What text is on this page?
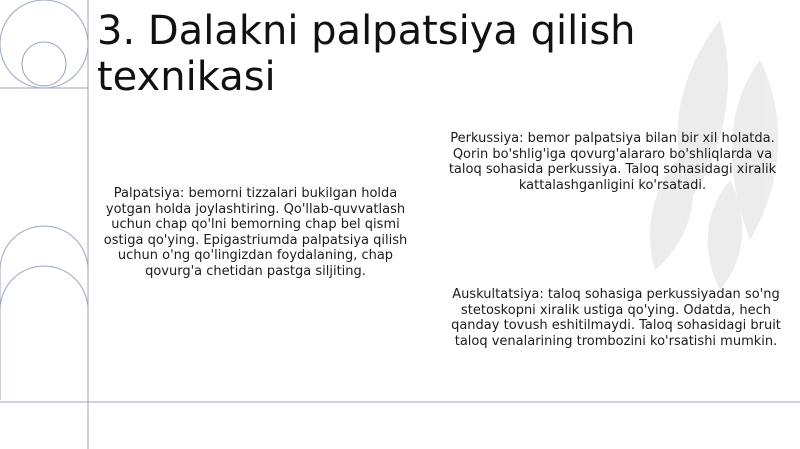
3. Dalakni palpatsiya qilish texnikasi

Palpatsiya: bemorni tizzalari bukilgan holda yotgan holda joylashtiring. Qo'llab-quvvatlash uchun chap qo'lni bemorning chap bel qismi ostiga qo'ying. Epigastriumda palpatsiya qilish uchun o'ng qo'lingizdan foydalaning, chap qovurg'a chetidan pastga siljiting.

Perkussiya: bemor palpatsiya bilan bir xil holatda. Qorin bo'shlig'iga qovurg'alararo bo'shliqlarda va taloq sohasida perkussiya. Taloq sohasidagi xiralik kattalashganligini ko'rsatadi.

Auskultatsiya: taloq sohasiga perkussiyadan so'ng stetoskopni xiralik ustiga qo'ying. Odatda, hech qanday tovush eshitilmaydi. Taloq sohasidagi bruit taloq venalarining trombozini ko'rsatishi mumkin.
